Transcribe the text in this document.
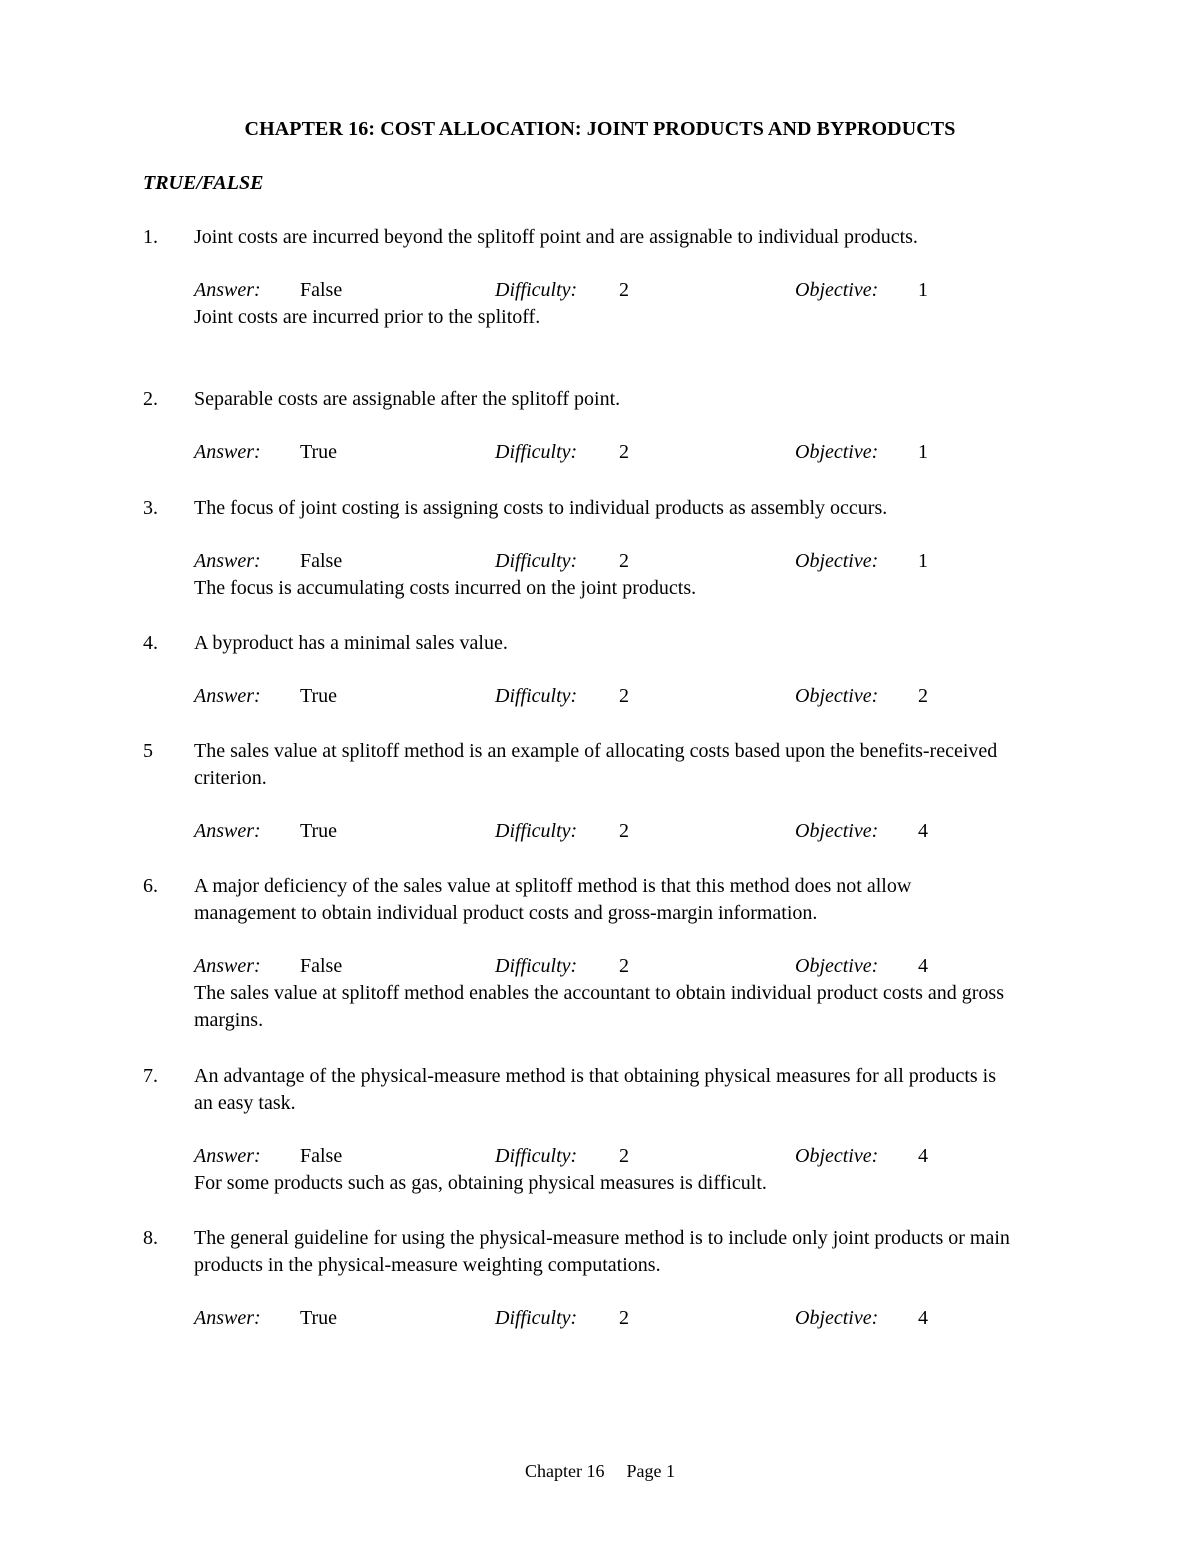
CHAPTER 16: COST ALLOCATION: JOINT PRODUCTS AND BYPRODUCTS
TRUE/FALSE
1.	Joint costs are incurred beyond the splitoff point and are assignable to individual products.
Answer: False	Difficulty: 2	Objective: 1
Joint costs are incurred prior to the splitoff.
2.	Separable costs are assignable after the splitoff point.
Answer: True	Difficulty: 2	Objective: 1
3.	The focus of joint costing is assigning costs to individual products as assembly occurs.
Answer: False	Difficulty: 2	Objective: 1
The focus is accumulating costs incurred on the joint products.
4.	A byproduct has a minimal sales value.
Answer: True	Difficulty: 2	Objective: 2
5	The sales value at splitoff method is an example of allocating costs based upon the benefits-received criterion.
Answer: True	Difficulty: 2	Objective: 4
6.	A major deficiency of the sales value at splitoff method is that this method does not allow management to obtain individual product costs and gross-margin information.
Answer: False	Difficulty: 2	Objective: 4
The sales value at splitoff method enables the accountant to obtain individual product costs and gross margins.
7.	An advantage of the physical-measure method is that obtaining physical measures for all products is an easy task.
Answer: False	Difficulty: 2	Objective: 4
For some products such as gas, obtaining physical measures is difficult.
8.	The general guideline for using the physical-measure method is to include only joint products or main products in the physical-measure weighting computations.
Answer: True	Difficulty: 2	Objective: 4
Chapter 16 Page 1
